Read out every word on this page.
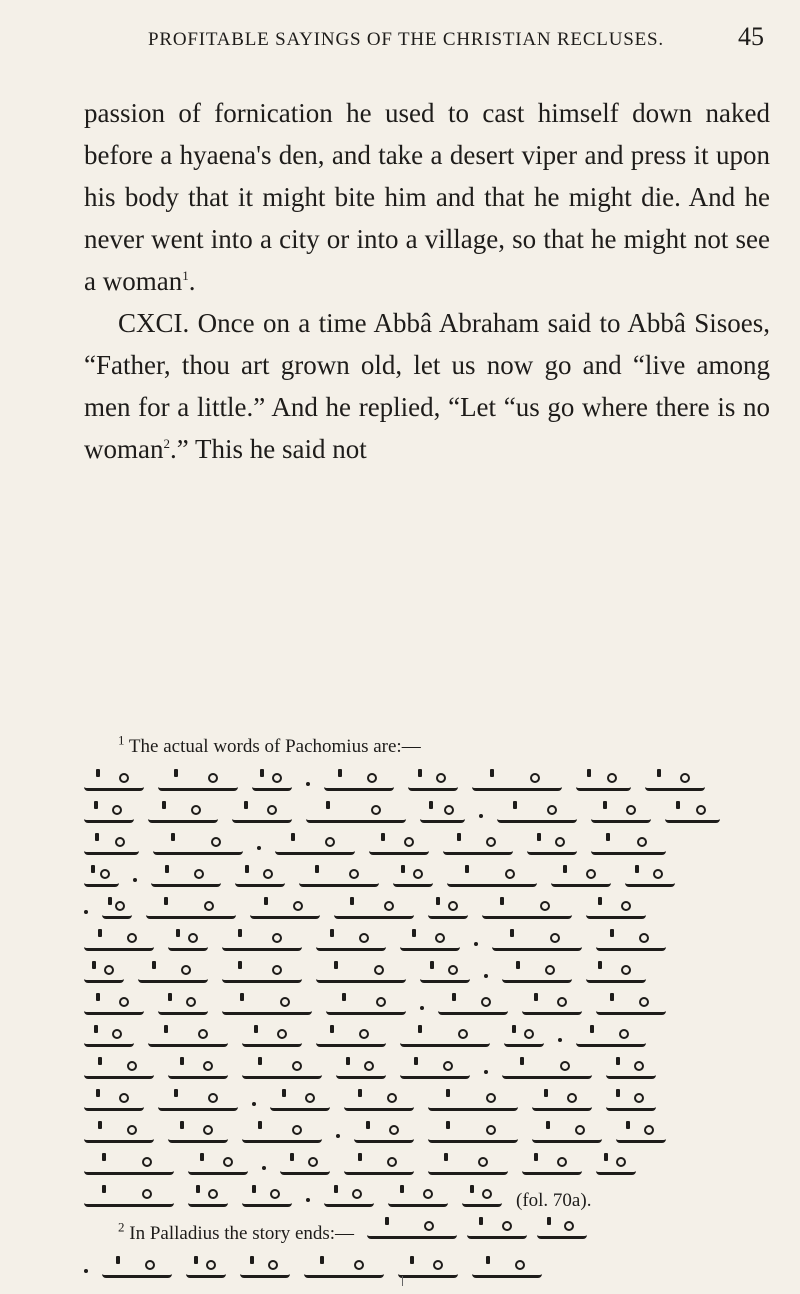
PROFITABLE SAYINGS OF THE CHRISTIAN RECLUSES.	45

passion of fornication he used to cast himself down naked before a hyaena's den, and take a desert viper and press it upon his body that it might bite him and that he might die. And he never went into a city or into a village, so that he might not see a woman$^1$.

CXCI. Once on a time Abbâ Abraham said to Abbâ Sisoes, “Father, thou art grown old, let us now go and “live among men for a little.” And he replied, “Let “us go where there is no woman$^2$.” This he said not

$^1$ The actual words of Pachomius are:—
(fol. 70a).
$^2$ In Palladius the story ends:—
